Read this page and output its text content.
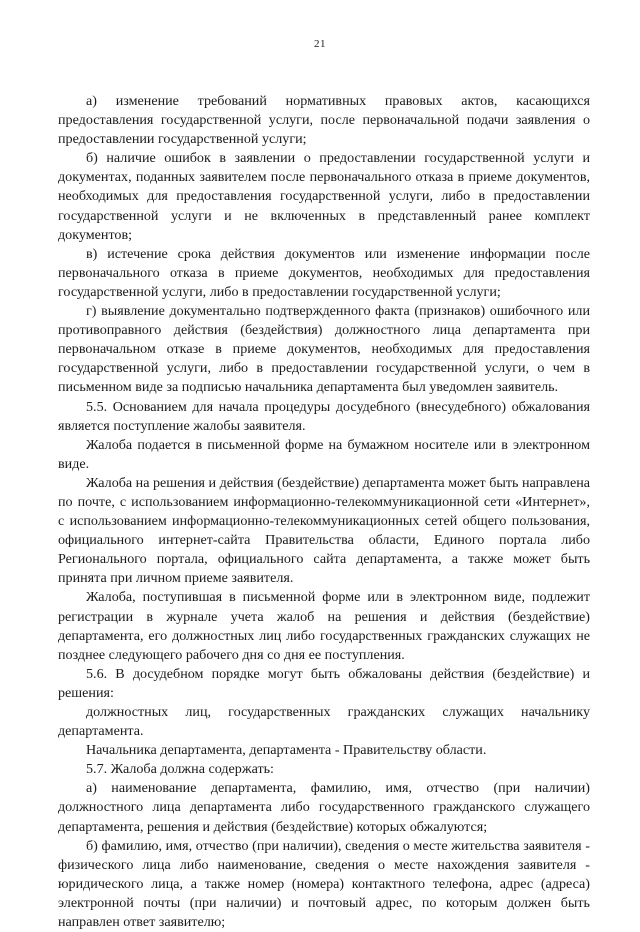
21

а) изменение требований нормативных правовых актов, касающихся предоставления государственной услуги, после первоначальной подачи заявления о предоставлении государственной услуги;

б) наличие ошибок в заявлении о предоставлении государственной услуги и документах, поданных заявителем после первоначального отказа в приеме документов, необходимых для предоставления государственной услуги, либо в предоставлении государственной услуги и не включенных в представленный ранее комплект документов;

в) истечение срока действия документов или изменение информации после первоначального отказа в приеме документов, необходимых для предоставления государственной услуги, либо в предоставлении государственной услуги;

г) выявление документально подтвержденного факта (признаков) ошибочного или противоправного действия (бездействия) должностного лица департамента при первоначальном отказе в приеме документов, необходимых для предоставления государственной услуги, либо в предоставлении государственной услуги, о чем в письменном виде за подписью начальника департамента был уведомлен заявитель.

5.5. Основанием для начала процедуры досудебного (внесудебного) обжалования является поступление жалобы заявителя.

Жалоба подается в письменной форме на бумажном носителе или в электронном виде.

Жалоба на решения и действия (бездействие) департамента может быть направлена по почте, с использованием информационно-телекоммуникационной сети «Интернет», с использованием информационно-телекоммуникационных сетей общего пользования, официального интернет-сайта Правительства области, Единого портала либо Регионального портала, официального сайта департамента, а также может быть принята при личном приеме заявителя.

Жалоба, поступившая в письменной форме или в электронном виде, подлежит регистрации в журнале учета жалоб на решения и действия (бездействие) департамента, его должностных лиц либо государственных гражданских служащих не позднее следующего рабочего дня со дня ее поступления.

5.6. В досудебном порядке могут быть обжалованы действия (бездействие) и решения:

должностных лиц, государственных гражданских служащих начальнику департамента.

Начальника департамента, департамента - Правительству области.

5.7. Жалоба должна содержать:

а) наименование департамента, фамилию, имя, отчество (при наличии) должностного лица департамента либо государственного гражданского служащего департамента, решения и действия (бездействие) которых обжалуются;

б) фамилию, имя, отчество (при наличии), сведения о месте жительства заявителя - физического лица либо наименование, сведения о месте нахождения заявителя - юридического лица, а также номер (номера) контактного телефона, адрес (адреса) электронной почты (при наличии) и почтовый адрес, по которым должен быть направлен ответ заявителю;
